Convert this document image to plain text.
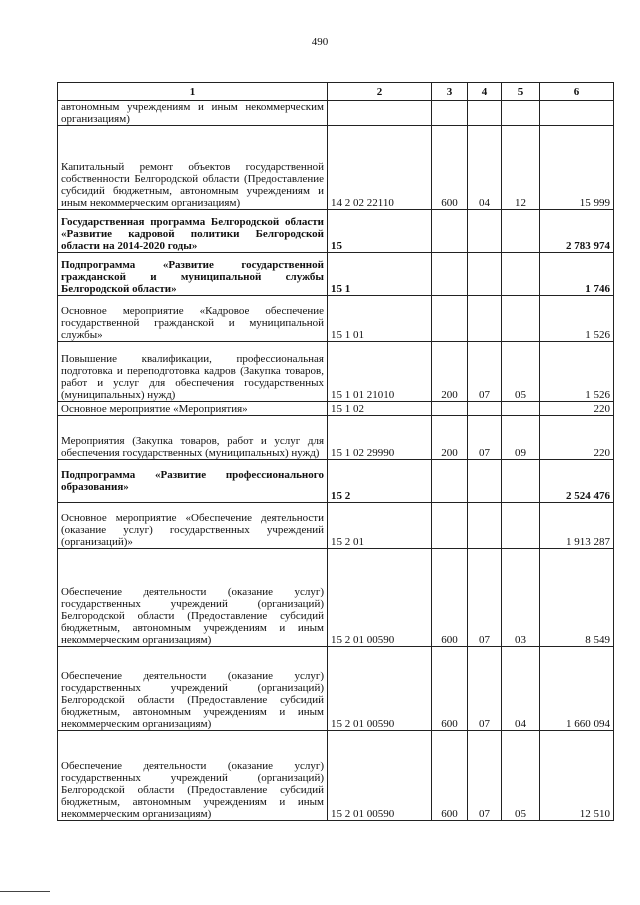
490
1	2	3	4	5	6
автономным учреждениям и иным некоммерческим организациям)					
Капитальный ремонт объектов государственной собственности Белгородской области (Предоставление субсидий бюджетным, автономным учреждениям и иным некоммерческим организациям)	14 2 02 22110	600	04	12	15 999
Государственная программа Белгородской области «Развитие кадровой политики Белгородской области на 2014-2020 годы»	15				2 783 974
Подпрограмма «Развитие государственной гражданской и муниципальной службы Белгородской области»	15 1				1 746
Основное мероприятие «Кадровое обеспечение государственной гражданской и муниципальной службы»	15 1 01				1 526
Повышение квалификации, профессиональная подготовка и переподготовка кадров (Закупка товаров, работ и услуг для обеспечения государственных (муниципальных) нужд)	15 1 01 21010	200	07	05	1 526
Основное мероприятие «Мероприятия»	15 1 02				220
Мероприятия (Закупка товаров, работ и услуг для обеспечения государственных (муниципальных) нужд)	15 1 02 29990	200	07	09	220
Подпрограмма «Развитие профессионального образования»	15 2				2 524 476
Основное мероприятие «Обеспечение деятельности (оказание услуг) государственных учреждений (организаций)»	15 2 01				1 913 287
Обеспечение деятельности (оказание услуг) государственных учреждений (организаций) Белгородской области (Предоставление субсидий бюджетным, автономным учреждениям и иным некоммерческим организациям)	15 2 01 00590	600	07	03	8 549
Обеспечение деятельности (оказание услуг) государственных учреждений (организаций) Белгородской области (Предоставление субсидий бюджетным, автономным учреждениям и иным некоммерческим организациям)	15 2 01 00590	600	07	04	1 660 094
Обеспечение деятельности (оказание услуг) государственных учреждений (организаций) Белгородской области (Предоставление субсидий бюджетным, автономным учреждениям и иным некоммерческим организациям)	15 2 01 00590	600	07	05	12 510
